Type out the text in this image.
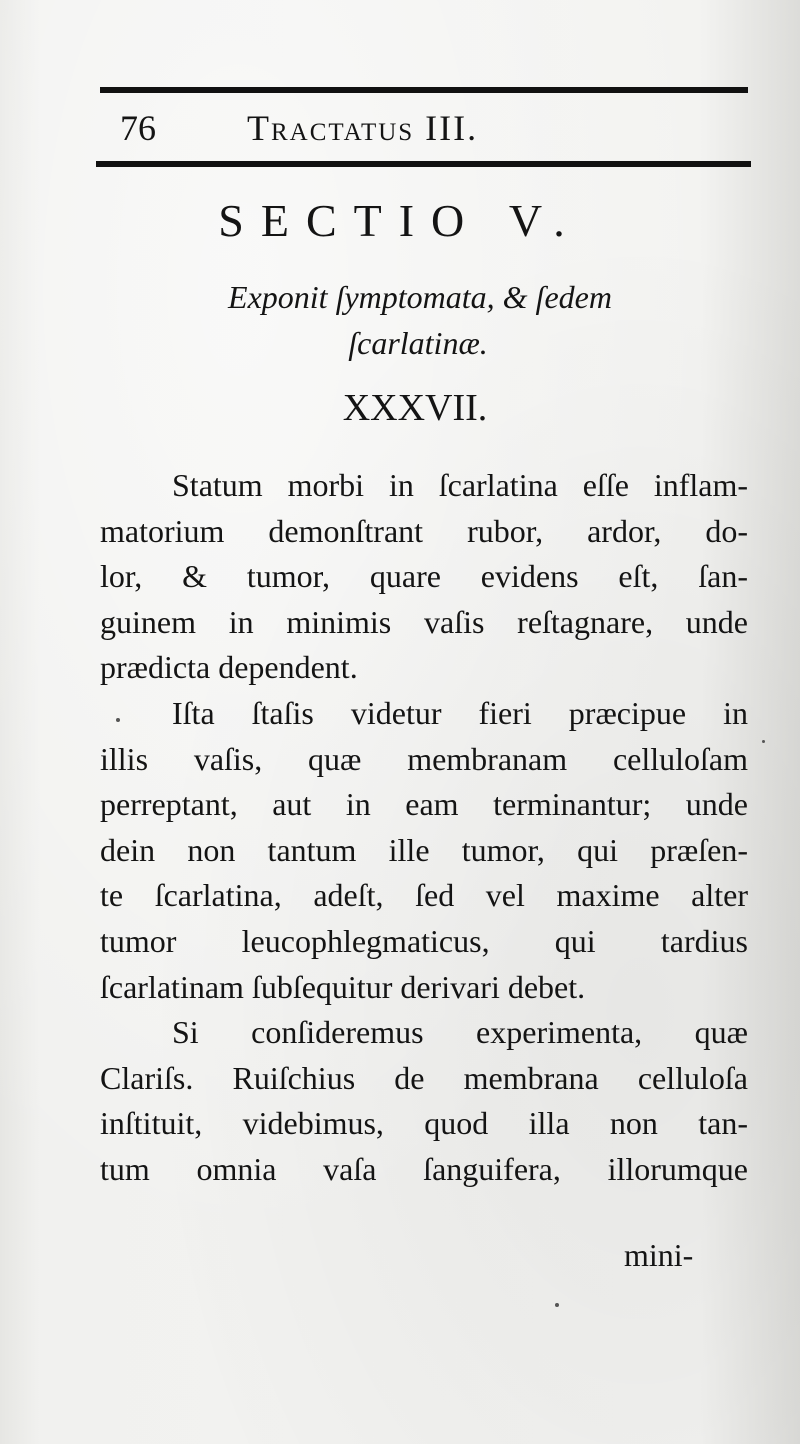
76	Tractatus III.
SECTIO V.
Exponit ſymptomata, & ſedem
ſcarlatinæ.
XXXVII.

Statum morbi in ſcarlatina eſſe inflam-
matorium demonſtrant rubor, ardor, do-
lor, & tumor, quare evidens eſt, ſan-
guinem in minimis vaſis reſtagnare, unde
prædicta dependent.

Iſta ſtaſis videtur fieri præcipue in
illis vaſis, quæ membranam celluloſam
perreptant, aut in eam terminantur; unde
dein non tantum ille tumor, qui præſen-
te ſcarlatina, adeſt, ſed vel maxime alter
tumor leucophlegmaticus, qui tardius
ſcarlatinam ſubſequitur derivari debet.

Si conſideremus experimenta, quæ
Clariſs. Ruiſchius de membrana celluloſa
inſtituit, videbimus, quod illa non tan-
tum omnia vaſa ſanguifera, illorumque

mini-
